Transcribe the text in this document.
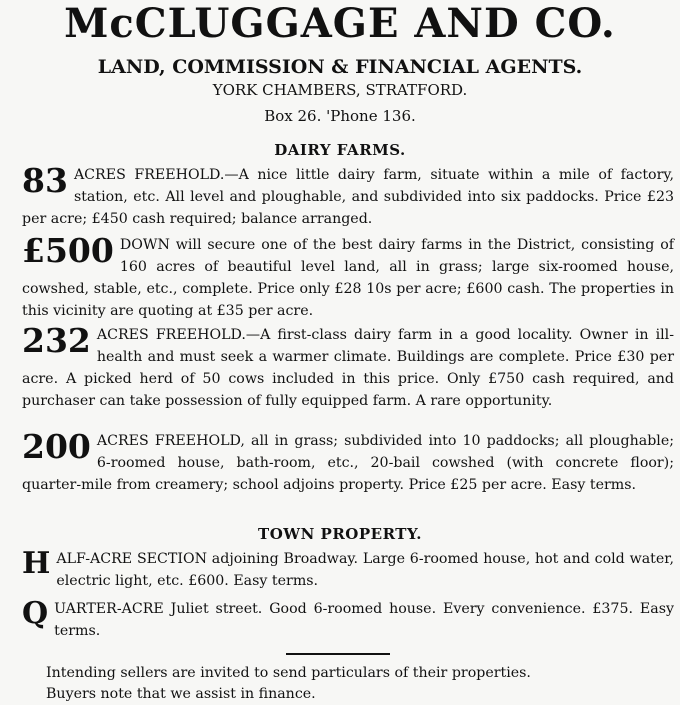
McCLUGGAGE AND CO.
LAND, COMMISSION & FINANCIAL AGENTS.
YORK CHAMBERS, STRATFORD.
Box 26. 'Phone 136.
DAIRY FARMS.
83 ACRES FREEHOLD.—A nice little dairy farm, situate within a mile of factory, station, etc. All level and ploughable, and subdivided into six paddocks. Price £23 per acre; £450 cash required; balance arranged.
£500 DOWN will secure one of the best dairy farms in the District, consisting of 160 acres of beautiful level land, all in grass; large six-roomed house, cowshed, stable, etc., complete. Price only £28 10s per acre; £600 cash. The properties in this vicinity are quoting at £35 per acre.
232 ACRES FREEHOLD.—A first-class dairy farm in a good locality. Owner in ill-health and must seek a warmer climate. Buildings are complete. Price £30 per acre. A picked herd of 50 cows included in this price. Only £750 cash required, and purchaser can take possession of fully equipped farm. A rare opportunity.
200 ACRES FREEHOLD, all in grass; subdivided into 10 paddocks; all ploughable; 6-roomed house, bath-room, etc., 20-bail cowshed (with concrete floor); quarter-mile from creamery; school adjoins property. Price £25 per acre. Easy terms.
TOWN PROPERTY.
H ALF-ACRE SECTION adjoining Broadway. Large 6-roomed house, hot and cold water, electric light, etc. £600. Easy terms.
Q UARTER-ACRE Juliet street. Good 6-roomed house. Every convenience. £375. Easy terms.
Intending sellers are invited to send particulars of their properties.
Buyers note that we assist in finance.
